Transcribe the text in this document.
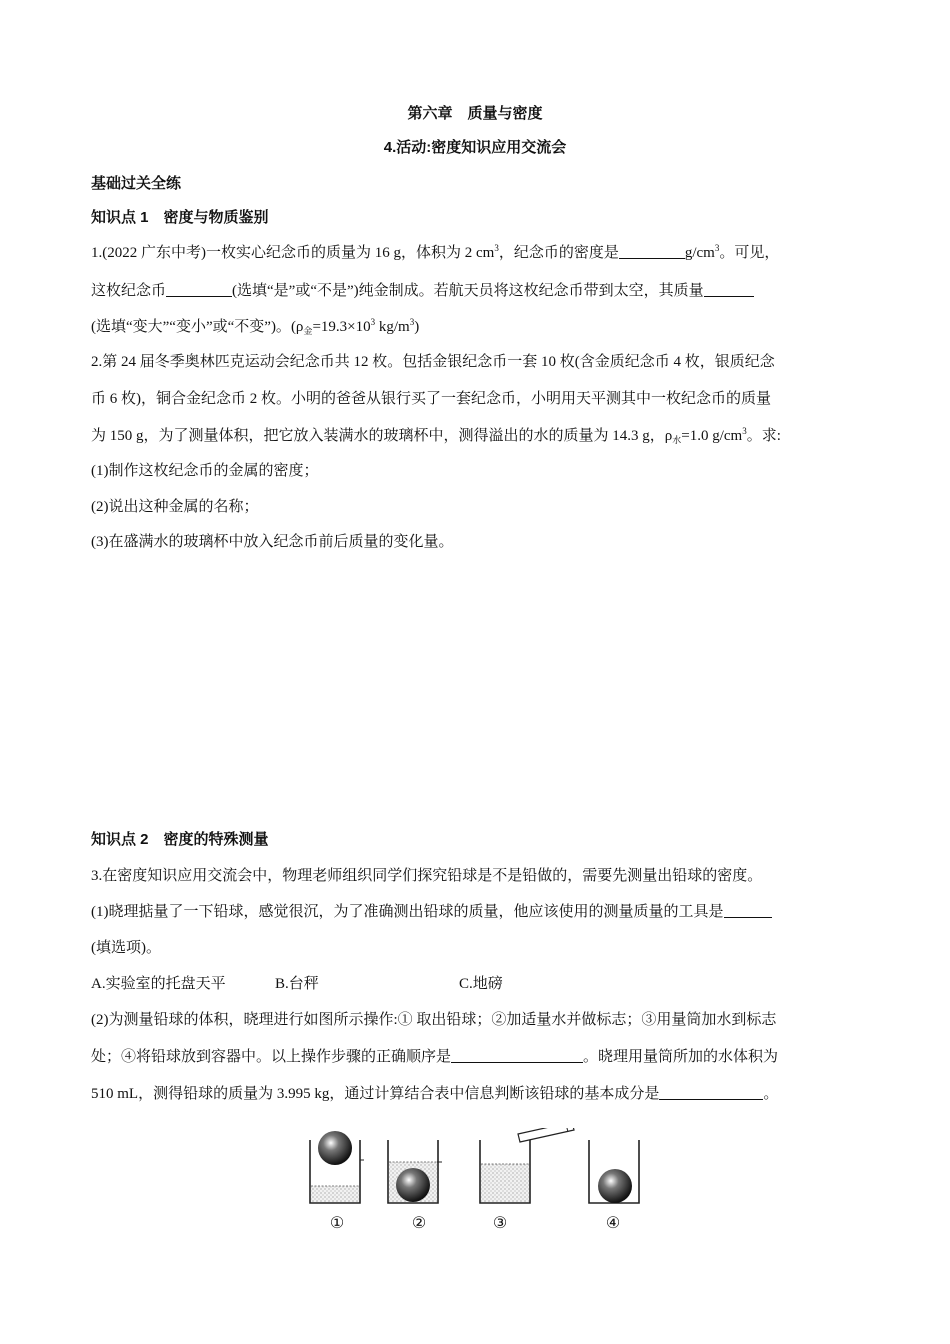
第六章　质量与密度
4.活动:密度知识应用交流会
基础过关全练
知识点 1　密度与物质鉴别
1.(2022 广东中考)一枚实心纪念币的质量为 16 g，体积为 2 $cm^3$，纪念币的密度是	$g/cm^3$。可见，
这枚纪念币	(选填“是”或“不是”)纯金制成。若航天员将这枚纪念币带到太空，其质量
(选填“变大”“变小”或“不变”)。($\rho_金=19.3\times 10^3$ $kg/m^3$)
2.第 24 届冬季奥林匹克运动会纪念币共 12 枚。包括金银纪念币一套 10 枚(含金质纪念币 4 枚，银质纪念
币 6 枚)，铜合金纪念币 2 枚。小明的爸爸从银行买了一套纪念币，小明用天平测其中一枚纪念币的质量
为 150 g，为了测量体积，把它放入装满水的玻璃杯中，测得溢出的水的质量为 14.3 g，$\rho_水=1.0$ $g/cm^3$。求:
(1)制作这枚纪念币的金属的密度；
(2)说出这种金属的名称；
(3)在盛满水的玻璃杯中放入纪念币前后质量的变化量。
知识点 2　密度的特殊测量
3.在密度知识应用交流会中，物理老师组织同学们探究铅球是不是铅做的，需要先测量出铅球的密度。
(1)晓理掂量了一下铅球，感觉很沉，为了准确测出铅球的质量，他应该使用的测量质量的工具是
(填选项)。
A.实验室的托盘天平	B.台秤	C.地磅
(2)为测量铅球的体积，晓理进行如图所示操作:① 取出铅球；②加适量水并做标志；③用量筒加水到标志
处；④将铅球放到容器中。以上操作步骤的正确顺序是	。晓理用量筒所加的水体积为
510 mL，测得铅球的质量为 3.995 kg，通过计算结合表中信息判断该铅球的基本成分是	。
①	②	③	④
